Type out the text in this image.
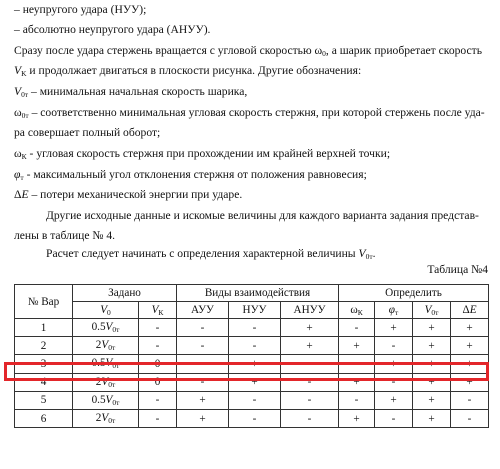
– неупругого удара (НУУ);
– абсолютно неупругого удара (АНУУ).
Сразу после удара стержень вращается с угловой скоростью $\omega_0$, а шарик приобретает скорость
$V_K$ и продолжает двигаться в плоскости рисунка. Другие обозначения:
$V_{0т}$ – минимальная начальная скорость шарика,
$\omega_{0т}$ – соответственно минимальная угловая скорость стержня, при которой стержень после уда-
ра совершает полный оборот;
$\omega_К$ - угловая скорость стержня при прохождении им крайней верхней точки;
$\varphi_т$ - максимальный угол отклонения стержня от положения равновесия;
ΔE – потери механической энергии при ударе.
Другие исходные данные и искомые величины для каждого варианта задания представ-
лены в таблице № 4.
Расчет следует начинать с определения характерной величины $V_{0т}$.
Таблица №4
№ Вар	Задано		Виды взаимодействия			Определить			
	$V_0$	$V_К$	АУУ	НУУ	АНУУ	$\omega_К$	$\varphi_т$	$V_{0т}$	ΔE
1	$0.5V_{0т}$	-	-	-	+	-	+	+	+
2	$2V_{0т}$	-	-	-	+	+	-	+	+
3	$0.5V_{0т}$	0	-	+	-	-	+	+	+
4	$2V_{0т}$	0	-	+	-	+	-	+	+
5	$0.5V_{0т}$	-	+	-	-	-	+	+	-
6	$2V_{0т}$	-	+	-	-	+	-	+	-
